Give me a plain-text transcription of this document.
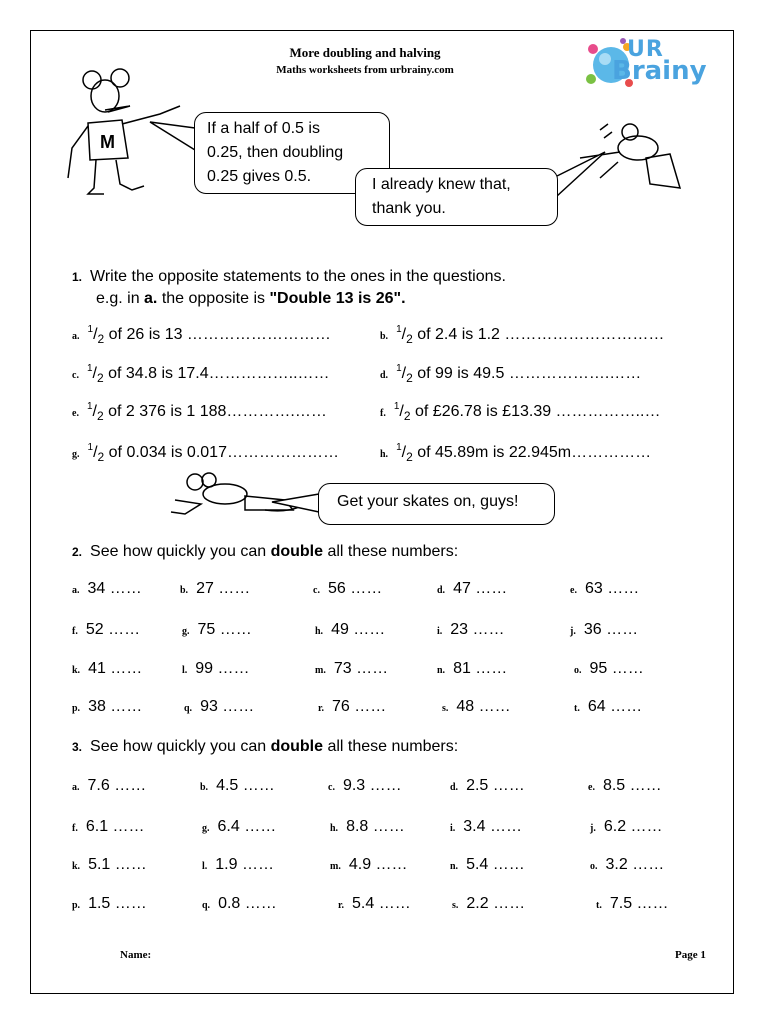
More doubling and halving
Maths worksheets from urbrainy.com
UR
Brainy
M
If a half of 0.5 is
0.25, then doubling
0.25 gives 0.5.	I already knew that,
thank you.
Get your skates on, guys!
1. Write the opposite statements to the ones in the questions.
e.g. in a. the opposite is "Double 13 is 26".
$a.^1/_2$ of 26 is 13 ………………………	$b.^1/_2$ of 2.4 is 1.2 …………………………
$c.^1/_2$ of 34.8 is 17.4……………..……	$d.^1/_2$ of 99 is 49.5 ……………….……
$e.^1/_2$ of 2 376 is 1 188………….……	$f.^1/_2$ of £26.78 is £13.39 ……………..…
$g.^1/_2$ of 0.034 is 0.017…………………	$h.^1/_2$ of 45.89m is 22.945m……………
2. See how quickly you can double all these numbers:
a. 34 ……	b. 27 ……	c. 56 ……	d. 47 ……	e. 63 ……
f. 52 ……	g. 75 ……	h. 49 ……	i. 23 ……	j. 36 ……
k. 41 ……	l. 99 ……	m. 73 ……	n. 81 ……	o. 95 ……
p. 38 ……	q. 93 ……	r. 76 ……	s. 48 ……	t. 64 ……
3. See how quickly you can double all these numbers:
a. 7.6 ……	b. 4.5 ……	c. 9.3 ……	d. 2.5 ……	e. 8.5 ……
f. 6.1 ……	g. 6.4 ……	h. 8.8 ……	i. 3.4 ……	j. 6.2 ……
k. 5.1 ……	l. 1.9 ……	m. 4.9 ……	n. 5.4 ……	o. 3.2 ……
p. 1.5 ……	q. 0.8 ……	r. 5.4 ……	s. 2.2 ……	t. 7.5 ……
Name:	Page 1
